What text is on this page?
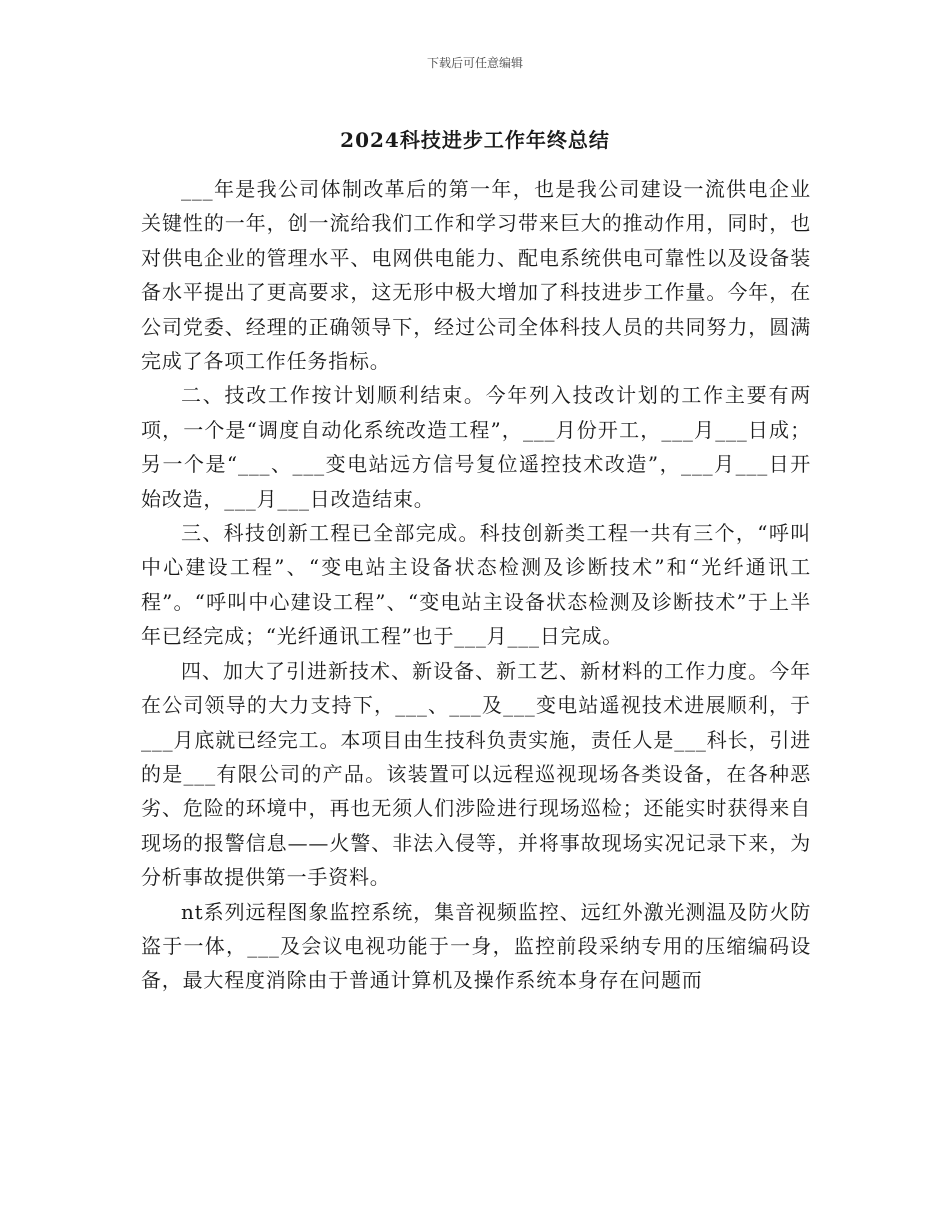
下载后可任意编辑
2024科技进步工作年终总结

___年是我公司体制改革后的第一年，也是我公司建设一流供电企业关键性的一年，创一流给我们工作和学习带来巨大的推动作用，同时，也对供电企业的管理水平、电网供电能力、配电系统供电可靠性以及设备装备水平提出了更高要求，这无形中极大增加了科技进步工作量。今年，在公司党委、经理的正确领导下，经过公司全体科技人员的共同努力，圆满完成了各项工作任务指标。

二、技改工作按计划顺利结束。今年列入技改计划的工作主要有两项，一个是“调度自动化系统改造工程”，___月份开工，___月___日成；另一个是“___、___变电站远方信号复位遥控技术改造”，___月___日开始改造，___月___日改造结束。

三、科技创新工程已全部完成。科技创新类工程一共有三个，“呼叫中心建设工程”、“变电站主设备状态检测及诊断技术”和“光纤通讯工程”。“呼叫中心建设工程”、“变电站主设备状态检测及诊断技术”于上半年已经完成；“光纤通讯工程”也于___月___日完成。

四、加大了引进新技术、新设备、新工艺、新材料的工作力度。今年在公司领导的大力支持下，___、___及___变电站遥视技术进展顺利，于___月底就已经完工。本项目由生技科负责实施，责任人是___科长，引进的是___有限公司的产品。该装置可以远程巡视现场各类设备，在各种恶劣、危险的环境中，再也无须人们涉险进行现场巡检；还能实时获得来自现场的报警信息——火警、非法入侵等，并将事故现场实况记录下来，为分析事故提供第一手资料。

nt系列远程图象监控系统，集音视频监控、远红外激光测温及防火防盗于一体，___及会议电视功能于一身，监控前段采纳专用的压缩编码设备，最大程度消除由于普通计算机及操作系统本身存在问题而
